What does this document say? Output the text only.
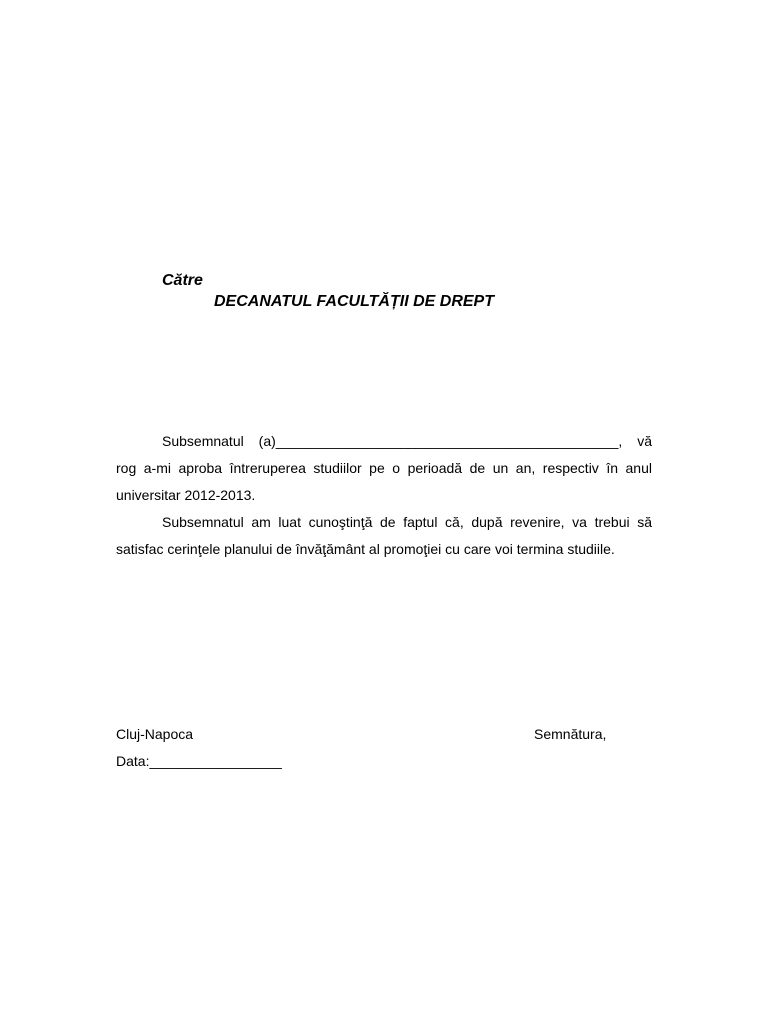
Către
DECANATUL FACULTĂȚII DE DREPT

Subsemnatul (a)____________________________________________, vă rog a-mi aproba întreruperea studiilor pe o perioadă de un an, respectiv în anul universitar 2012-2013.

Subsemnatul am luat cunoştinţă de faptul că, după revenire, va trebui să satisfac cerinţele planului de învăţământ al promoţiei cu care voi termina studiile.

Cluj-Napoca
Data:_________________
Semnătura,
